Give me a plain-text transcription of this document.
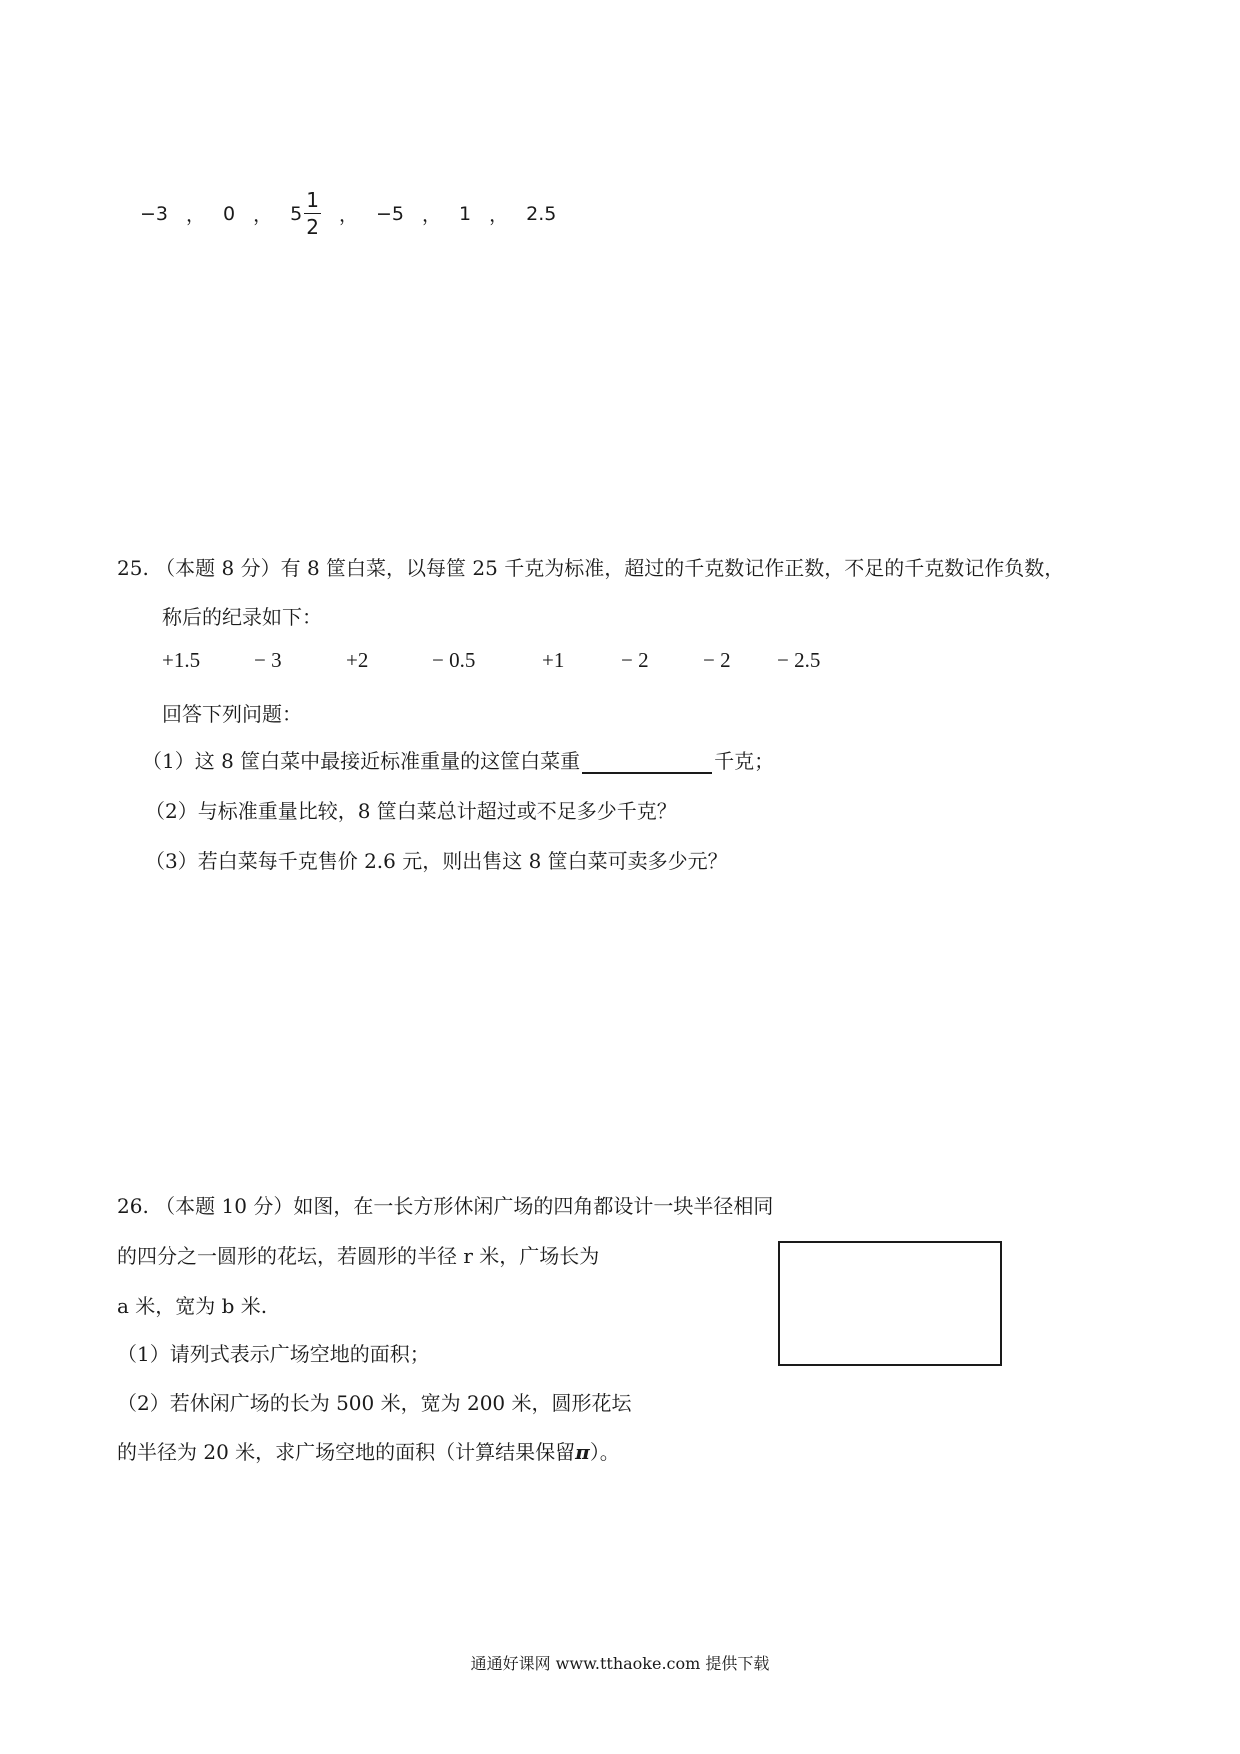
−3 ， 0 ， $5 \frac{1}{2}$ ， −5 ， 1 ， 2.5
25. （本题 8 分）有 8 筐白菜，以每筐 25 千克为标准，超过的千克数记作正数，不足的千克数记作负数，
称后的纪录如下：
+1.5	− 3	+2	− 0.5	+1	− 2	− 2 − 2.5
回答下列问题：
（1）这 8 筐白菜中最接近标准重量的这筐白菜重	千克；
（2）与标准重量比较，8 筐白菜总计超过或不足多少千克？
（3）若白菜每千克售价 2.6 元，则出售这 8 筐白菜可卖多少元？
26. （本题 10 分）如图，在一长方形休闲广场的四角都设计一块半径相同
的四分之一圆形的花坛，若圆形的半径 r 米，广场长为
a 米，宽为 b 米.
（1）请列式表示广场空地的面积；
（2）若休闲广场的长为 500 米，宽为 200 米，圆形花坛
的半径为 20 米，求广场空地的面积（计算结果保留π）。
通通好课网 www.tthaoke.com 提供下载
